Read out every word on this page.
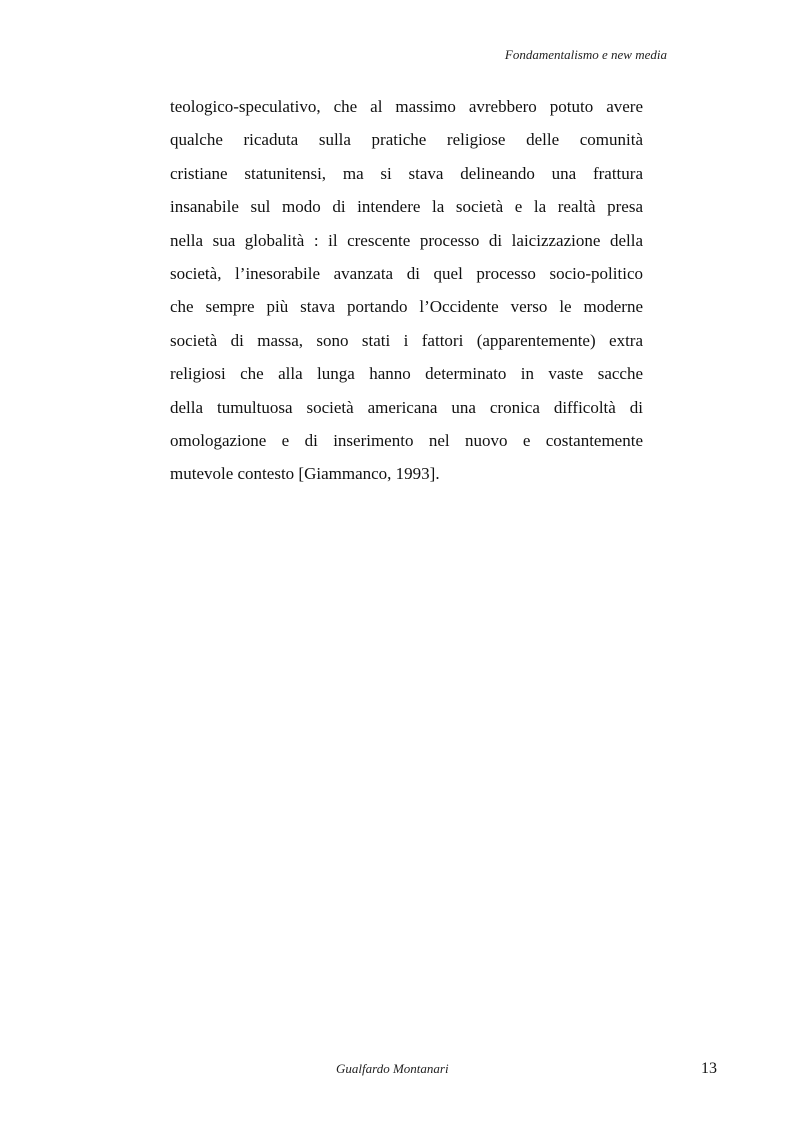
Fondamentalismo e new media

teologico-speculativo, che al massimo avrebbero potuto avere
qualche ricaduta sulla pratiche religiose delle comunità
cristiane statunitensi, ma si stava delineando una frattura
insanabile sul modo di intendere la società e la realtà presa
nella sua globalità : il crescente processo di laicizzazione della
società, l’inesorabile avanzata di quel processo socio-politico
che sempre più stava portando l’Occidente verso le moderne
società di massa, sono stati i fattori (apparentemente) extra
religiosi che alla lunga hanno determinato in vaste sacche
della tumultuosa società americana una cronica difficoltà di
omologazione e di inserimento nel nuovo e costantemente
mutevole contesto [Giammanco, 1993].

Gualfardo Montanari	13
